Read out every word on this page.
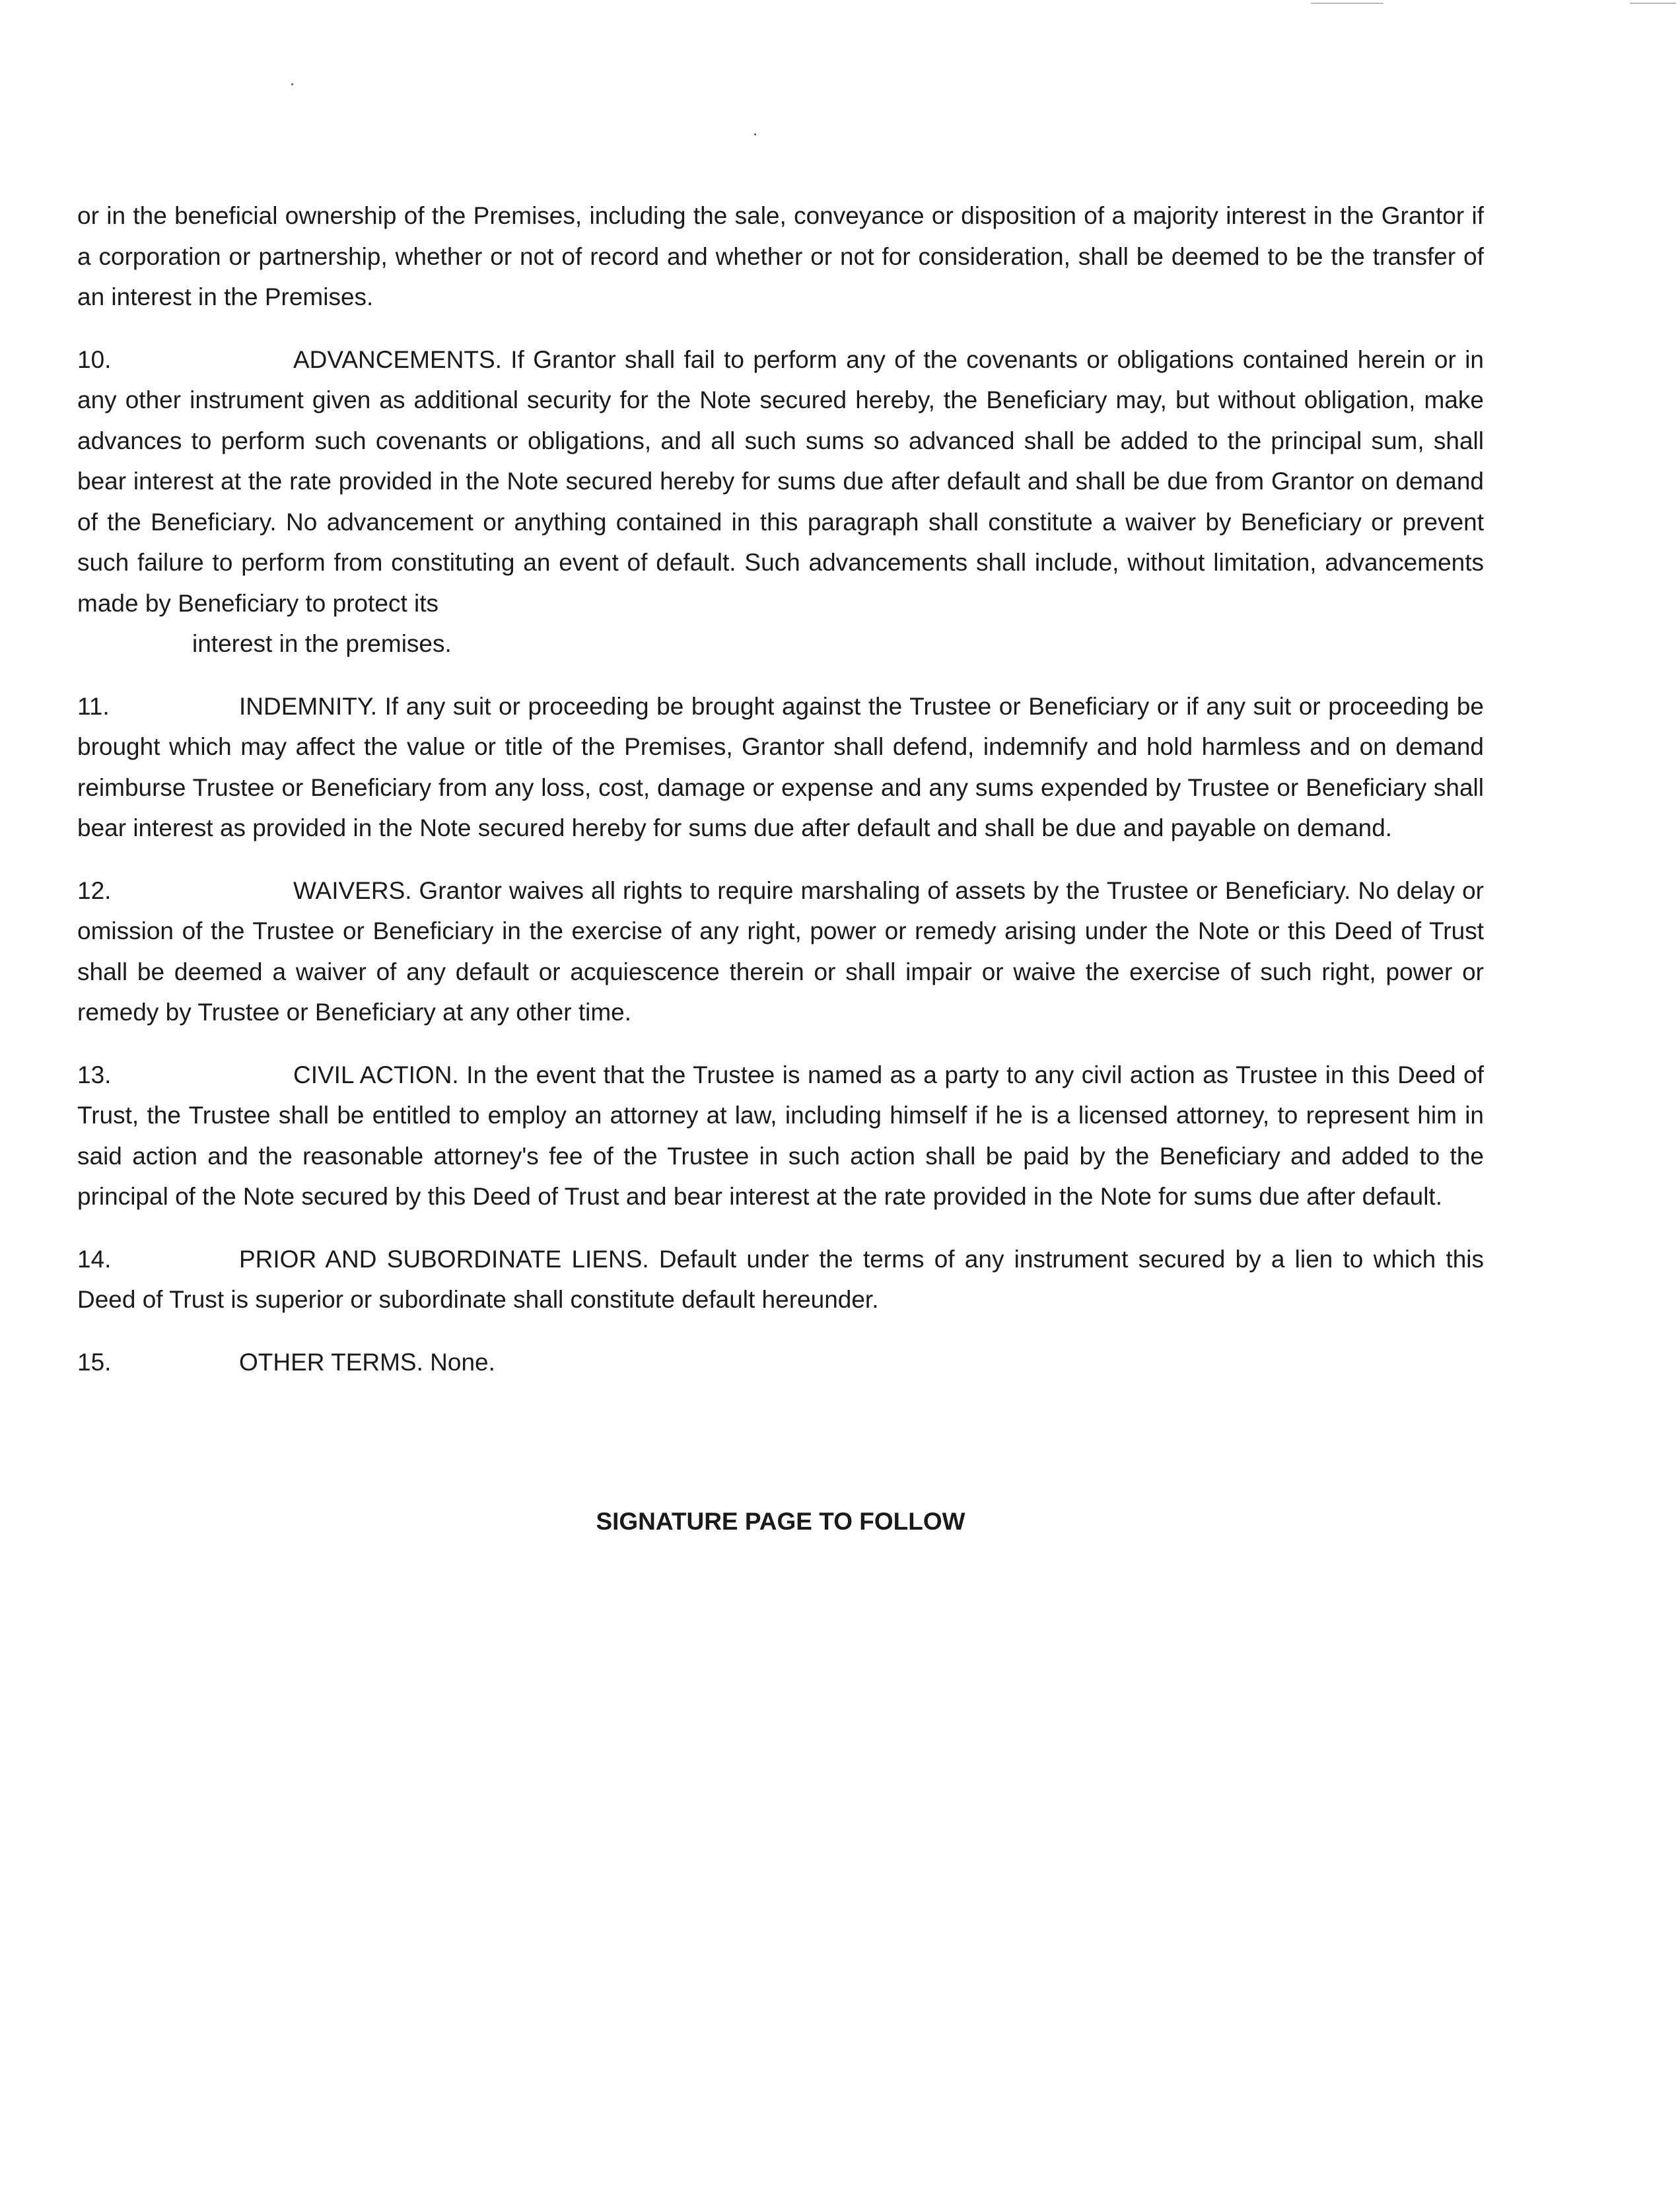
or in the beneficial ownership of the Premises, including the sale, conveyance or disposition of a majority interest in the Grantor if a corporation or partnership, whether or not of record and whether or not for consideration, shall be deemed to be the transfer of an interest in the Premises.

10.	ADVANCEMENTS. If Grantor shall fail to perform any of the covenants or obligations contained herein or in any other instrument given as additional security for the Note secured hereby, the Beneficiary may, but without obligation, make advances to perform such covenants or obligations, and all such sums so advanced shall be added to the principal sum, shall bear interest at the rate provided in the Note secured hereby for sums due after default and shall be due from Grantor on demand of the Beneficiary. No advancement or anything contained in this paragraph shall constitute a waiver by Beneficiary or prevent such failure to perform from constituting an event of default. Such advancements shall include, without limitation, advancements made by Beneficiary to protect its
interest in the premises.

11.	INDEMNITY. If any suit or proceeding be brought against the Trustee or Beneficiary or if any suit or proceeding be brought which may affect the value or title of the Premises, Grantor shall defend, indemnify and hold harmless and on demand reimburse Trustee or Beneficiary from any loss, cost, damage or expense and any sums expended by Trustee or Beneficiary shall bear interest as provided in the Note secured hereby for sums due after default and shall be due and payable on demand.

12.	WAIVERS. Grantor waives all rights to require marshaling of assets by the Trustee or Beneficiary. No delay or omission of the Trustee or Beneficiary in the exercise of any right, power or remedy arising under the Note or this Deed of Trust shall be deemed a waiver of any default or acquiescence therein or shall impair or waive the exercise of such right, power or remedy by Trustee or Beneficiary at any other time.

13.	CIVIL ACTION. In the event that the Trustee is named as a party to any civil action as Trustee in this Deed of Trust, the Trustee shall be entitled to employ an attorney at law, including himself if he is a licensed attorney, to represent him in said action and the reasonable attorney's fee of the Trustee in such action shall be paid by the Beneficiary and added to the principal of the Note secured by this Deed of Trust and bear interest at the rate provided in the Note for sums due after default.

14.	PRIOR AND SUBORDINATE LIENS. Default under the terms of any instrument secured by a lien to which this Deed of Trust is superior or subordinate shall constitute default hereunder.

15.	OTHER TERMS. None.

SIGNATURE PAGE TO FOLLOW
